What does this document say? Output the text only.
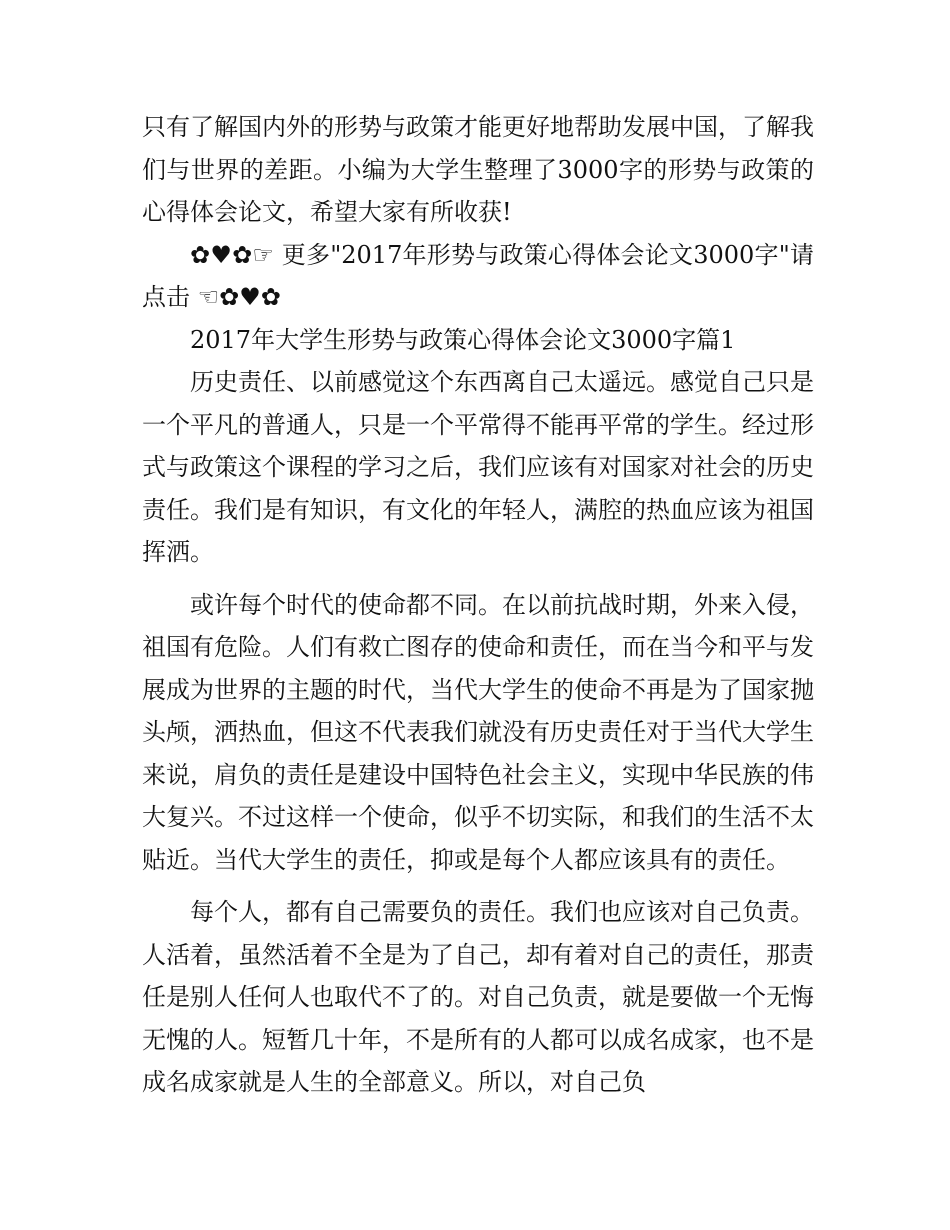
只有了解国内外的形势与政策才能更好地帮助发展中国，了解我们与世界的差距。小编为大学生整理了3000字的形势与政策的心得体会论文，希望大家有所收获!

✿♥✿☞ 更多"2017年形势与政策心得体会论文3000字"请点击 ☜✿♥✿

2017年大学生形势与政策心得体会论文3000字篇1

历史责任、以前感觉这个东西离自己太遥远。感觉自己只是一个平凡的普通人，只是一个平常得不能再平常的学生。经过形式与政策这个课程的学习之后，我们应该有对国家对社会的历史责任。我们是有知识，有文化的年轻人，满腔的热血应该为祖国挥洒。

或许每个时代的使命都不同。在以前抗战时期，外来入侵，祖国有危险。人们有救亡图存的使命和责任，而在当今和平与发展成为世界的主题的时代，当代大学生的使命不再是为了国家抛头颅，洒热血，但这不代表我们就没有历史责任对于当代大学生来说，肩负的责任是建设中国特色社会主义，实现中华民族的伟大复兴。不过这样一个使命，似乎不切实际，和我们的生活不太贴近。当代大学生的责任，抑或是每个人都应该具有的责任。

每个人，都有自己需要负的责任。我们也应该对自己负责。人活着，虽然活着不全是为了自己，却有着对自己的责任，那责任是别人任何人也取代不了的。对自己负责，就是要做一个无悔无愧的人。短暂几十年，不是所有的人都可以成名成家，也不是成名成家就是人生的全部意义。所以，对自己负
